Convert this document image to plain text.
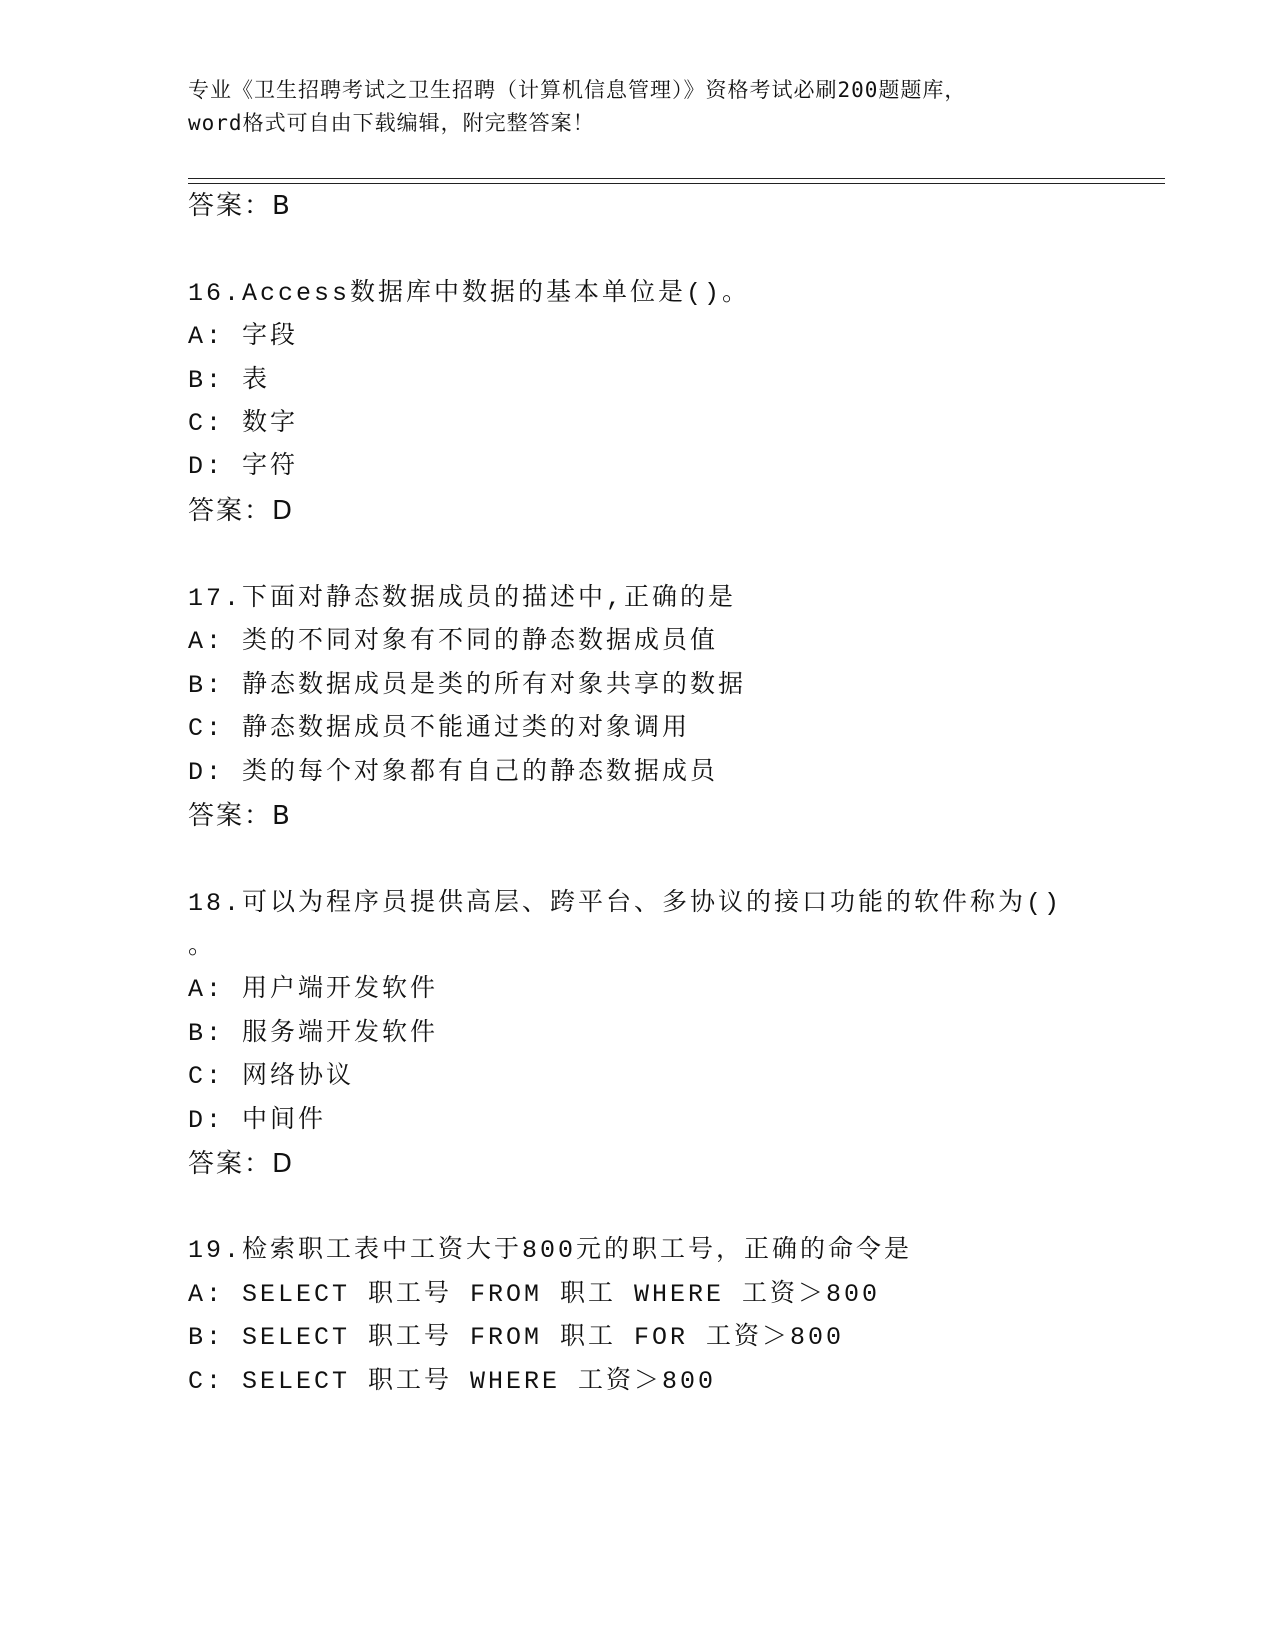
专业《卫生招聘考试之卫生招聘（计算机信息管理）》资格考试必刷200题题库，
word格式可自由下载编辑，附完整答案！
答案：B
16.Access数据库中数据的基本单位是()。
A: 字段
B: 表
C: 数字
D: 字符
答案：D
17.下面对静态数据成员的描述中,正确的是
A: 类的不同对象有不同的静态数据成员值
B: 静态数据成员是类的所有对象共享的数据
C: 静态数据成员不能通过类的对象调用
D: 类的每个对象都有自己的静态数据成员
答案：B
18.可以为程序员提供高层、跨平台、多协议的接口功能的软件称为()
。
A: 用户端开发软件
B: 服务端开发软件
C: 网络协议
D: 中间件
答案：D
19.检索职工表中工资大于800元的职工号，正确的命令是
A: SELECT 职工号 FROM 职工 WHERE 工资＞800
B: SELECT 职工号 FROM 职工 FOR 工资＞800
C: SELECT 职工号 WHERE 工资＞800
